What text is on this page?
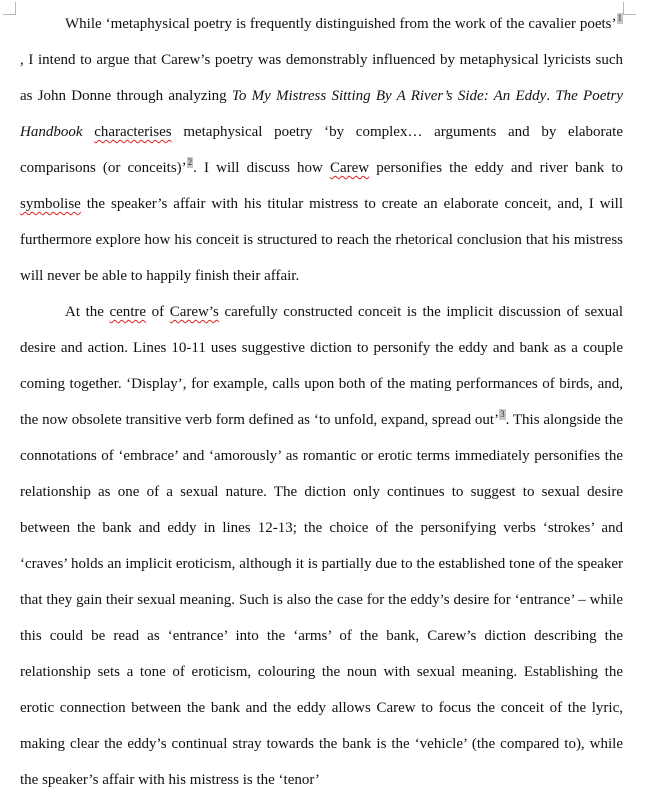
While ‘metaphysical poetry is frequently distinguished from the work of the cavalier poets’1, I intend to argue that Carew’s poetry was demonstrably influenced by metaphysical lyricists such as John Donne through analyzing To My Mistress Sitting By A River’s Side: An Eddy. The Poetry Handbook characterises metaphysical poetry ‘by complex… arguments and by elaborate comparisons (or conceits)’2. I will discuss how Carew personifies the eddy and river bank to symbolise the speaker’s affair with his titular mistress to create an elaborate conceit, and, I will furthermore explore how his conceit is structured to reach the rhetorical conclusion that his mistress will never be able to happily finish their affair.

At the centre of Carew’s carefully constructed conceit is the implicit discussion of sexual desire and action. Lines 10-11 uses suggestive diction to personify the eddy and bank as a couple coming together. ‘Display’, for example, calls upon both of the mating performances of birds, and, the now obsolete transitive verb form defined as ‘to unfold, expand, spread out’3. This alongside the connotations of ‘embrace’ and ‘amorously’ as romantic or erotic terms immediately personifies the relationship as one of a sexual nature. The diction only continues to suggest to sexual desire between the bank and eddy in lines 12-13; the choice of the personifying verbs ‘strokes’ and ‘craves’ holds an implicit eroticism, although it is partially due to the established tone of the speaker that they gain their sexual meaning. Such is also the case for the eddy’s desire for ‘entrance’ – while this could be read as ‘entrance’ into the ‘arms’ of the bank, Carew’s diction describing the relationship sets a tone of eroticism, colouring the noun with sexual meaning. Establishing the erotic connection between the bank and the eddy allows Carew to focus the conceit of the lyric, making clear the eddy’s continual stray towards the bank is the ‘vehicle’ (the compared to), while the speaker’s affair with his mistress is the ‘tenor’
